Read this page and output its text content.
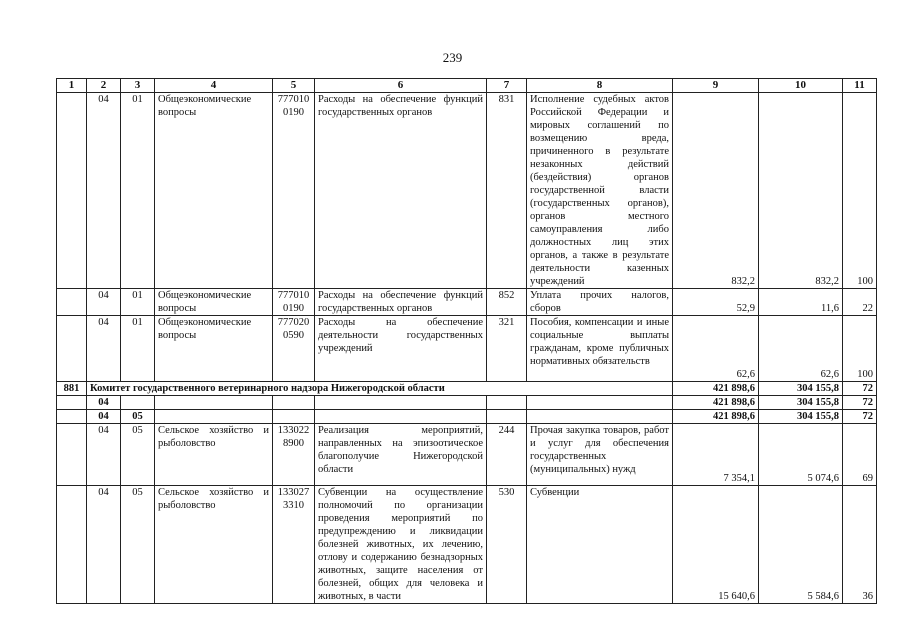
239
1	2	3	4	5	6	7	8	9	10	11
	04	01	Общеэкономические вопросы	777010 0190	Расходы на обеспечение функций государственных органов	831	Исполнение судебных актов Российской Федерации и мировых соглашений по возмещению вреда, причиненного в результате незаконных действий (бездействия) органов государственной власти (государственных органов), органов местного самоуправления либо должностных лиц этих органов, а также в результате деятельности казенных учреждений	832,2	832,2	100
	04	01	Общеэкономические вопросы	777010 0190	Расходы на обеспечение функций государственных органов	852	Уплата прочих налогов, сборов	52,9	11,6	22
	04	01	Общеэкономические вопросы	777020 0590	Расходы на обеспечение деятельности государственных учреждений	321	Пособия, компенсации и иные социальные выплаты гражданам, кроме публичных нормативных обязательств	62,6	62,6	100
881	Комитет государственного ветеринарного надзора Нижегородской области							421 898,6	304 155,8	72
	04							421 898,6	304 155,8	72
	04	05						421 898,6	304 155,8	72
	04	05	Сельское хозяйство и рыболовство	133022 8900	Реализация мероприятий, направленных на эпизоотическое благополучие Нижегородской области	244	Прочая закупка товаров, работ и услуг для обеспечения государственных (муниципальных) нужд	7 354,1	5 074,6	69
	04	05	Сельское хозяйство и рыболовство	133027 3310	Субвенции на осуществление полномочий по организации проведения мероприятий по предупреждению и ликвидации болезней животных, их лечению, отлову и содержанию безнадзорных животных, защите населения от болезней, общих для человека и животных, в части	530	Субвенции	15 640,6	5 584,6	36
